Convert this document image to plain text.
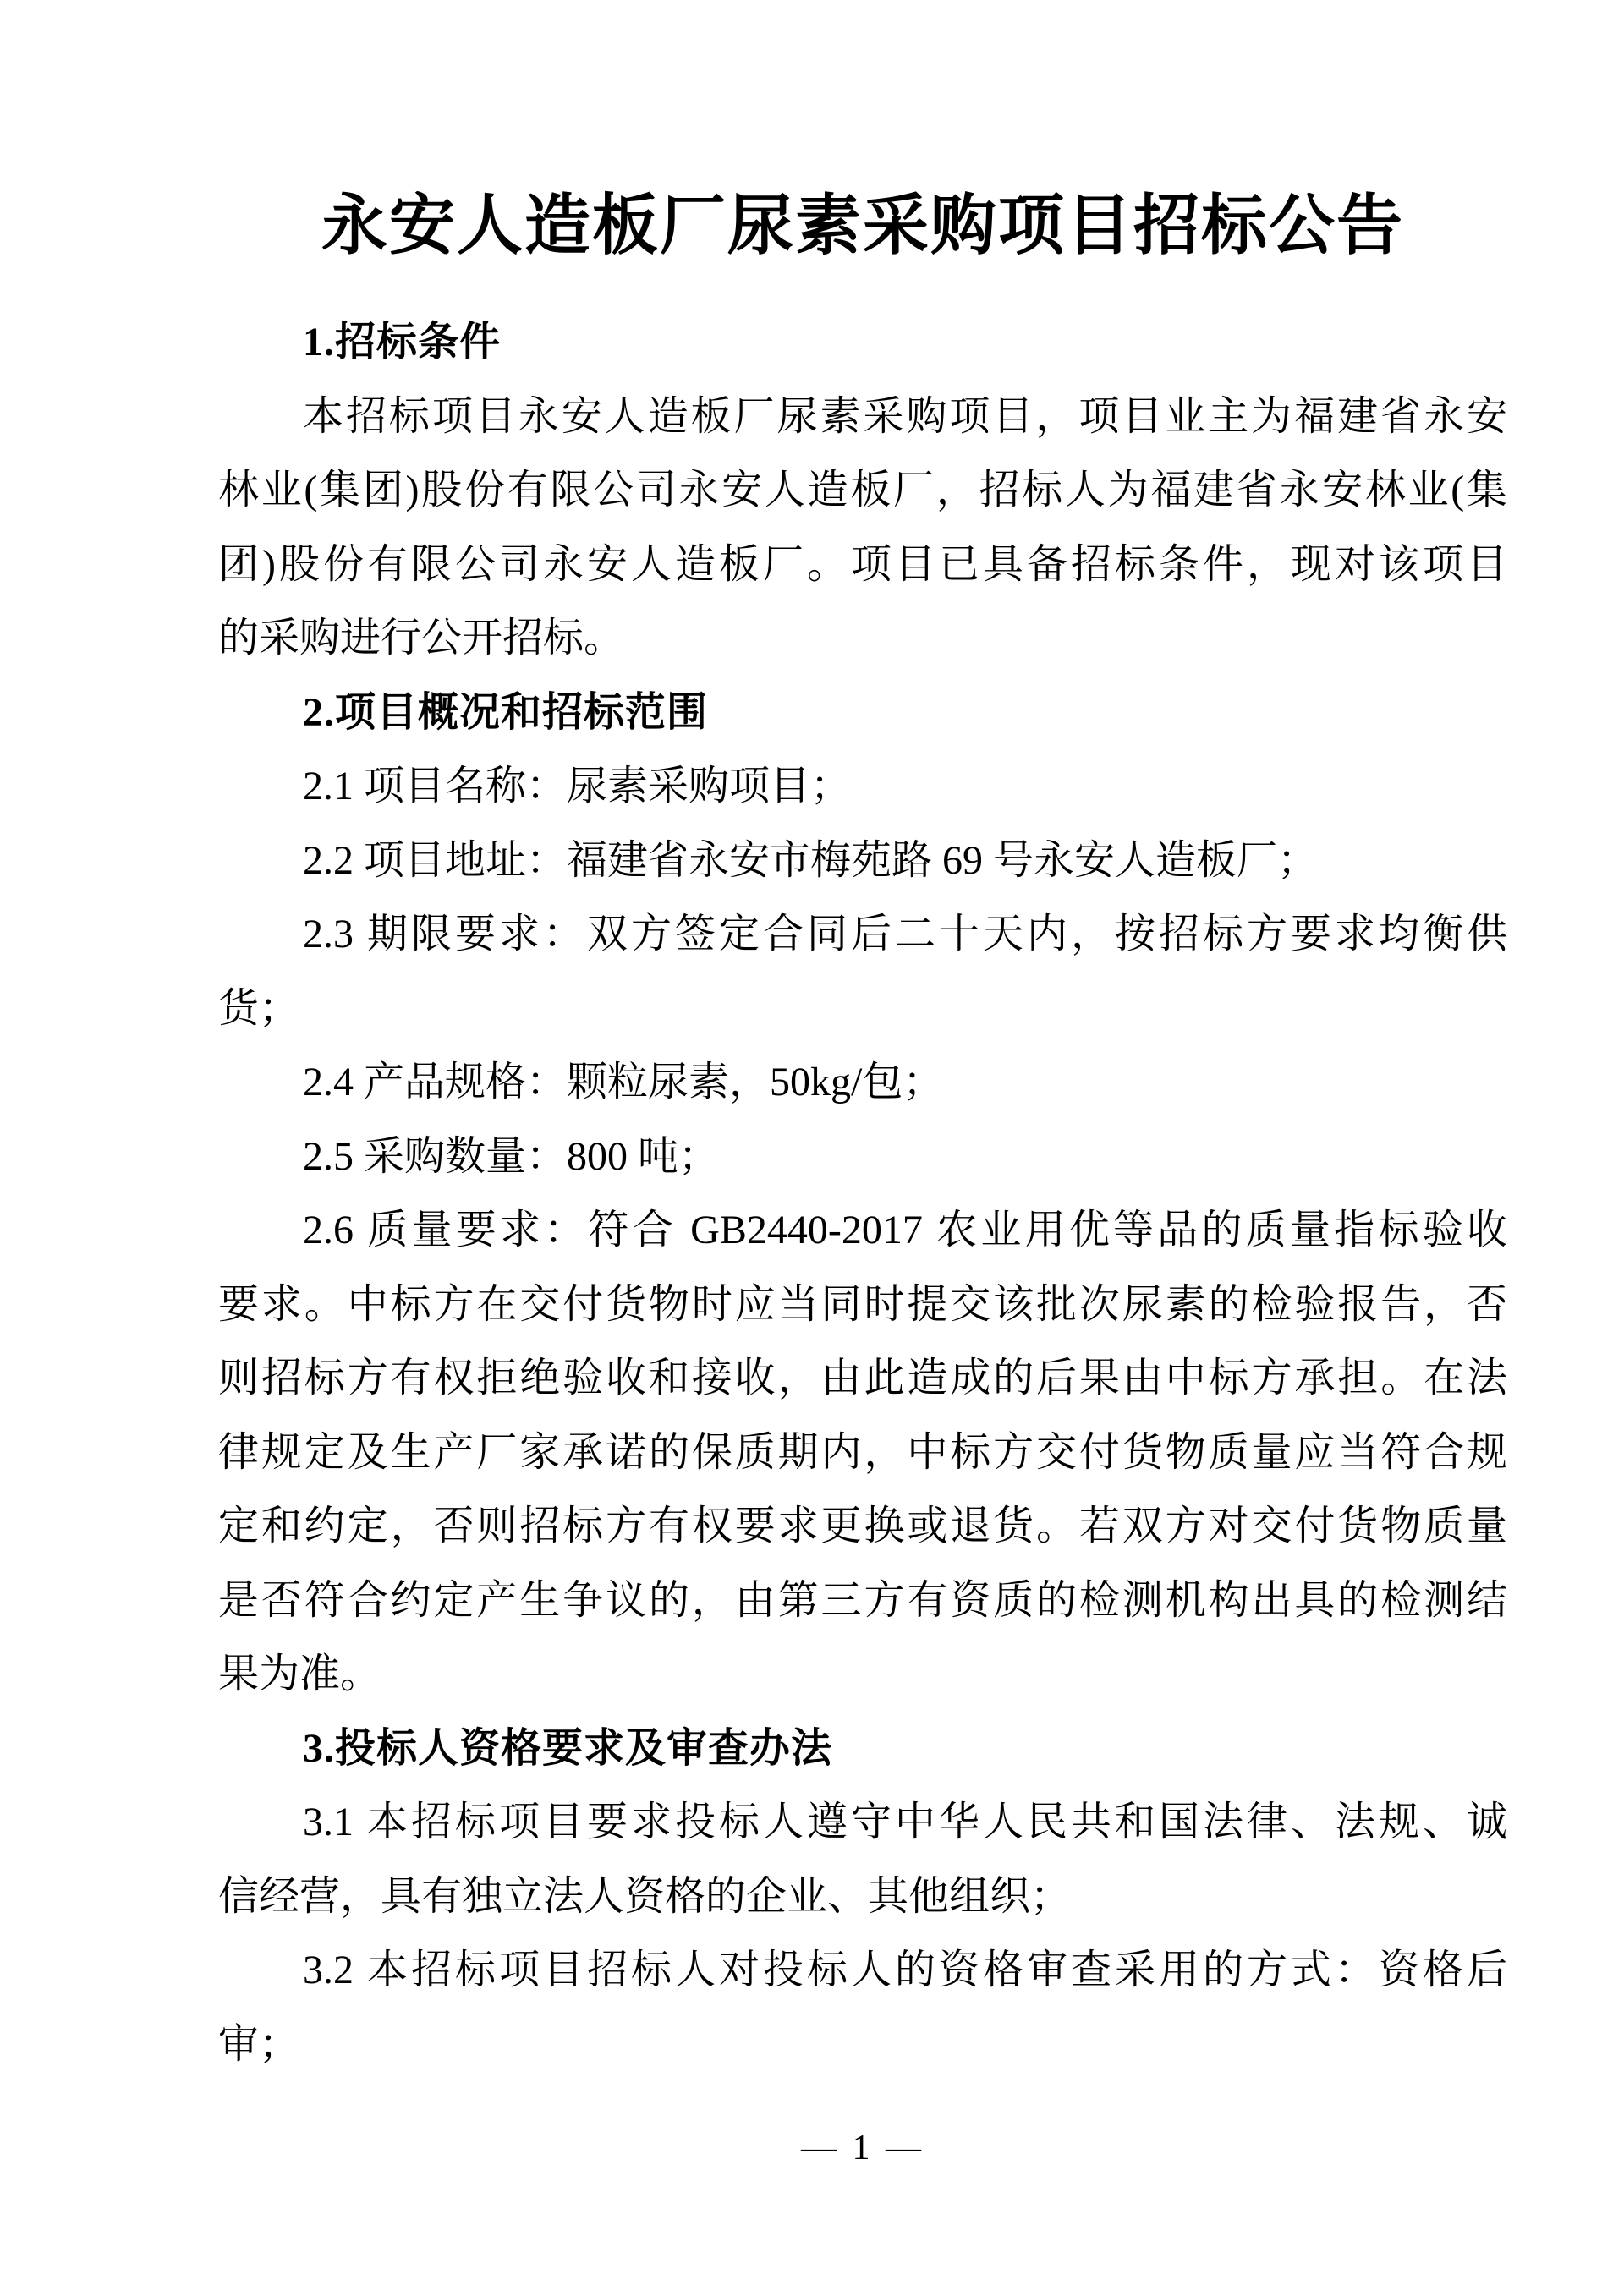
永安人造板厂尿素采购项目招标公告
1.招标条件
本招标项目永安人造板厂尿素采购项目，项目业主为福建省永安
林业(集团)股份有限公司永安人造板厂，招标人为福建省永安林业(集
团)股份有限公司永安人造板厂。项目已具备招标条件，现对该项目
的采购进行公开招标。
2.项目概况和招标范围
2.1 项目名称：尿素采购项目；
2.2 项目地址：福建省永安市梅苑路 69 号永安人造板厂；
2.3 期限要求：双方签定合同后二十天内，按招标方要求均衡供
货；
2.4 产品规格：颗粒尿素，50kg/包；
2.5 采购数量：800 吨；
2.6 质量要求：符合 GB2440-2017 农业用优等品的质量指标验收
要求。中标方在交付货物时应当同时提交该批次尿素的检验报告，否
则招标方有权拒绝验收和接收，由此造成的后果由中标方承担。在法
律规定及生产厂家承诺的保质期内，中标方交付货物质量应当符合规
定和约定，否则招标方有权要求更换或退货。若双方对交付货物质量
是否符合约定产生争议的，由第三方有资质的检测机构出具的检测结
果为准。
3.投标人资格要求及审查办法
3.1 本招标项目要求投标人遵守中华人民共和国法律、法规、诚
信经营，具有独立法人资格的企业、其他组织；
3.2 本招标项目招标人对投标人的资格审查采用的方式：资格后
审；
— 1 —
